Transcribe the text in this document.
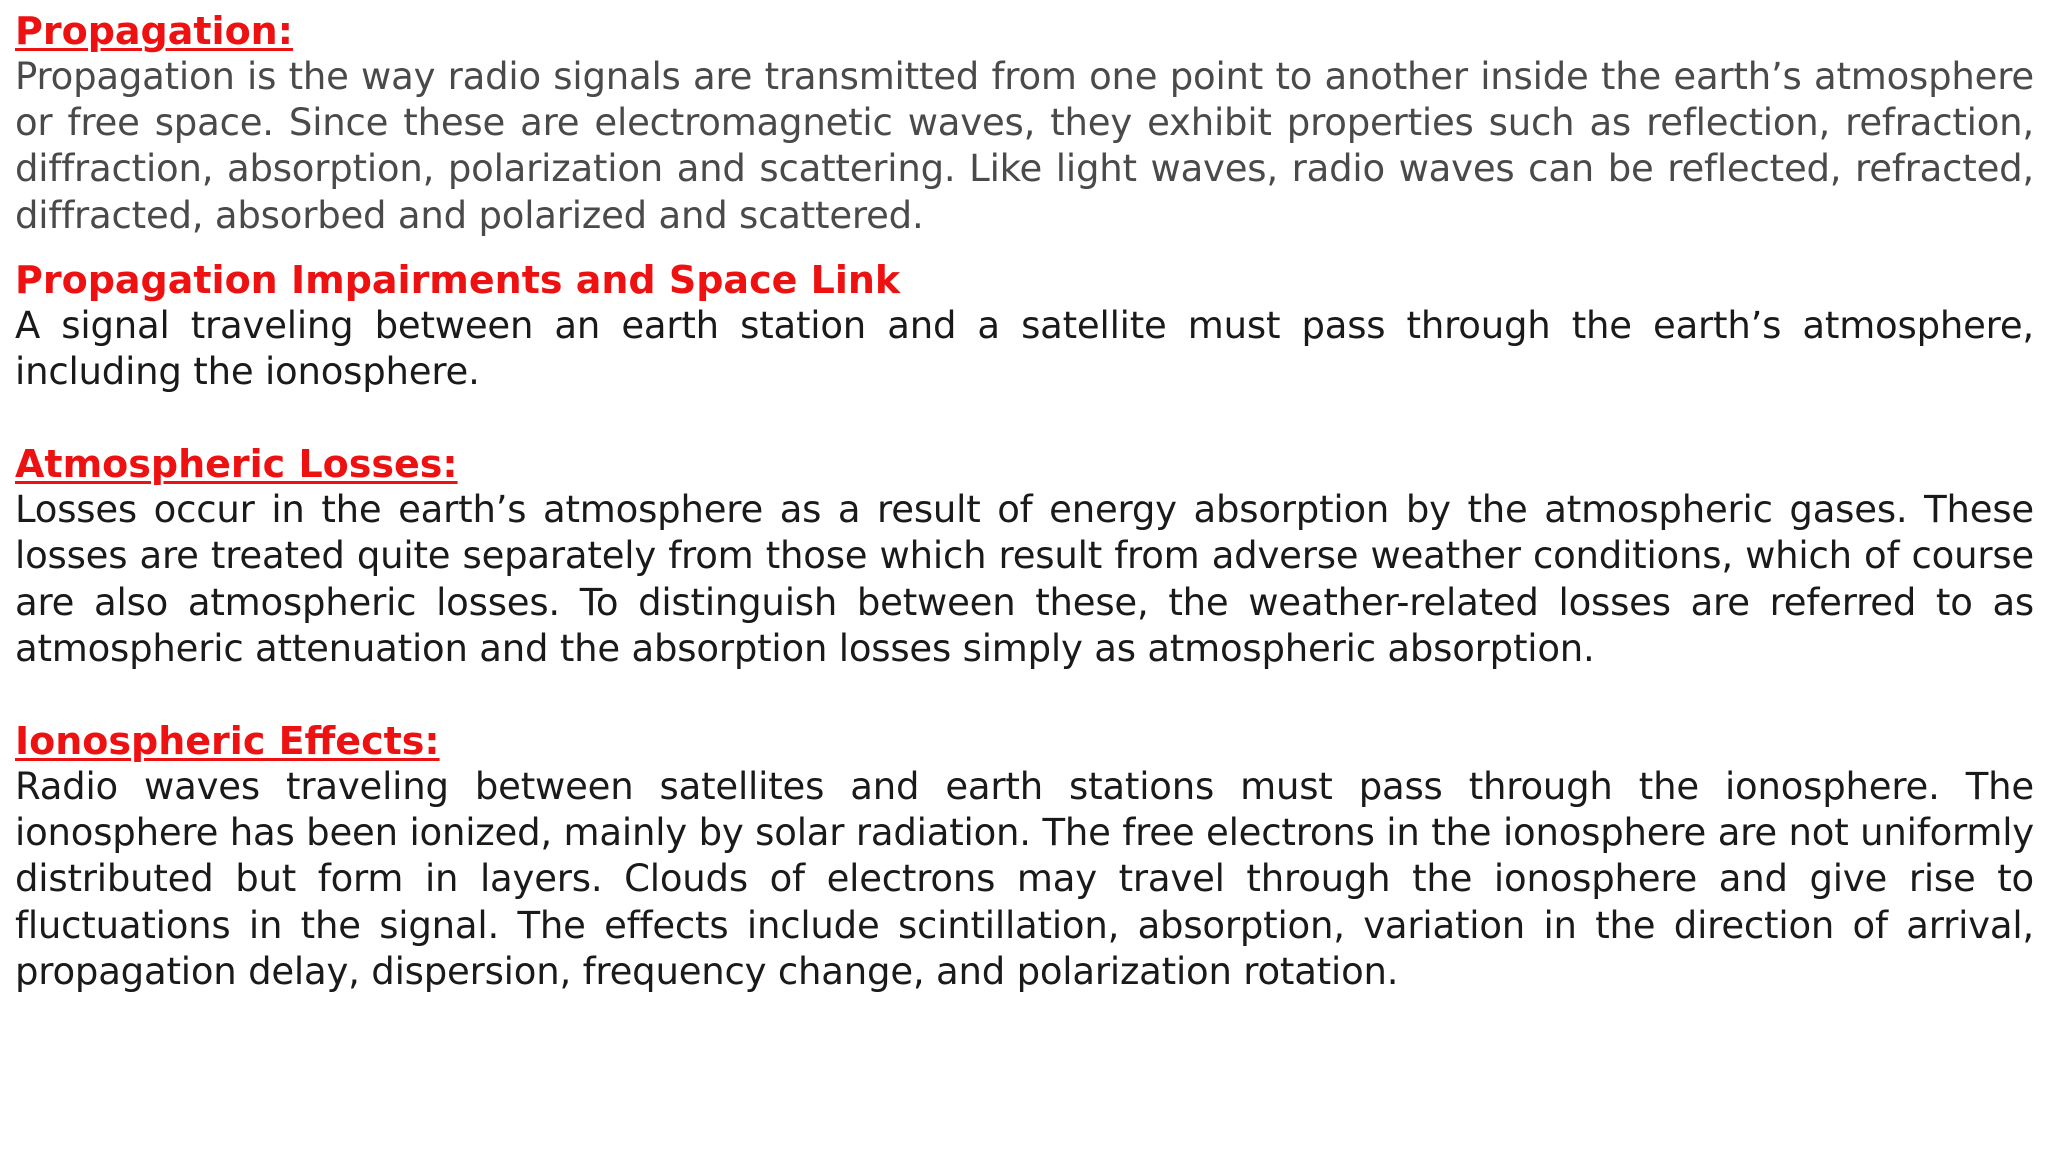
Propagation:

Propagation is the way radio signals are transmitted from one point to another inside the earth’s atmosphere or free space. Since these are electromagnetic waves, they exhibit properties such as reflection, refraction, diffraction, absorption, polarization and scattering. Like light waves, radio waves can be reflected, refracted, diffracted, absorbed and polarized and scattered.

Propagation Impairments and Space Link

A signal traveling between an earth station and a satellite must pass through the earth’s atmosphere, including the ionosphere.

Atmospheric Losses:

Losses occur in the earth’s atmosphere as a result of energy absorption by the atmospheric gases. These losses are treated quite separately from those which result from adverse weather conditions, which of course are also atmospheric losses. To distinguish between these, the weather-related losses are referred to as atmospheric attenuation and the absorption losses simply as atmospheric absorption.

Ionospheric Effects:

Radio waves traveling between satellites and earth stations must pass through the ionosphere. The ionosphere has been ionized, mainly by solar radiation. The free electrons in the ionosphere are not uniformly distributed but form in layers. Clouds of electrons may travel through the ionosphere and give rise to fluctuations in the signal. The effects include scintillation, absorption, variation in the direction of arrival, propagation delay, dispersion, frequency change, and polarization rotation.
